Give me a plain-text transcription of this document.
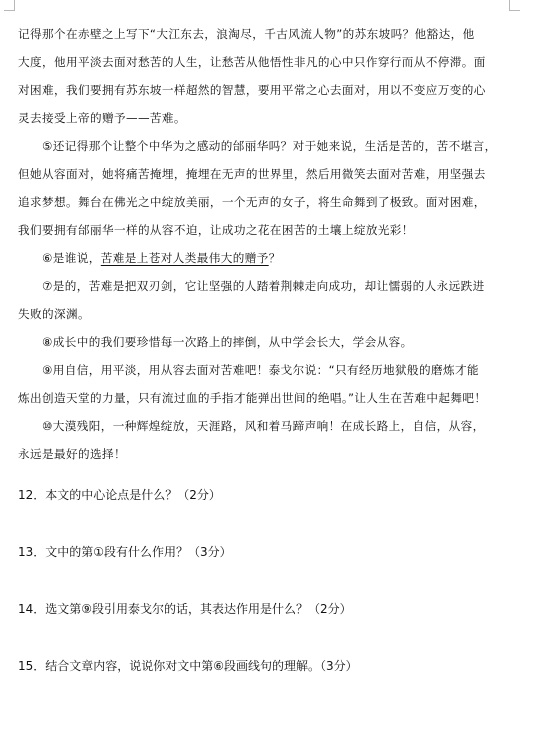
记得那个在赤壁之上写下“大江东去，浪淘尽，千古风流人物”的苏东坡吗？他豁达，他
大度，他用平淡去面对愁苦的人生，让愁苦从他悟性非凡的心中只作穿行而从不停滞。面
对困难，我们要拥有苏东坡一样超然的智慧，要用平常之心去面对，用以不变应万变的心
灵去接受上帝的赠予——苦难。

⑤还记得那个让整个中华为之感动的邰丽华吗？对于她来说，生活是苦的，苦不堪言，
但她从容面对，她将痛苦掩埋，掩埋在无声的世界里，然后用微笑去面对苦难，用坚强去
追求梦想。舞台在佛光之中绽放美丽，一个无声的女子，将生命舞到了极致。面对困难，
我们要拥有邰丽华一样的从容不迫，让成功之花在困苦的土壤上绽放光彩！

⑥是谁说，苦难是上苍对人类最伟大的赠予？

⑦是的，苦难是把双刃剑，它让坚强的人踏着荆棘走向成功，却让懦弱的人永远跌进
失败的深渊。

⑧成长中的我们要珍惜每一次路上的摔倒，从中学会长大，学会从容。

⑨用自信，用平淡，用从容去面对苦难吧！泰戈尔说：“只有经历地狱般的磨炼才能
炼出创造天堂的力量，只有流过血的手指才能弹出世间的绝唱。”让人生在苦难中起舞吧！

⑩大漠残阳，一种辉煌绽放，天涯路，风和着马蹄声响！在成长路上，自信，从容，
永远是最好的选择！

12．本文的中心论点是什么？（2分）
13．文中的第①段有什么作用？（3分）
14．选文第⑨段引用泰戈尔的话，其表达作用是什么？（2分）
15．结合文章内容，说说你对文中第⑥段画线句的理解。（3分）
